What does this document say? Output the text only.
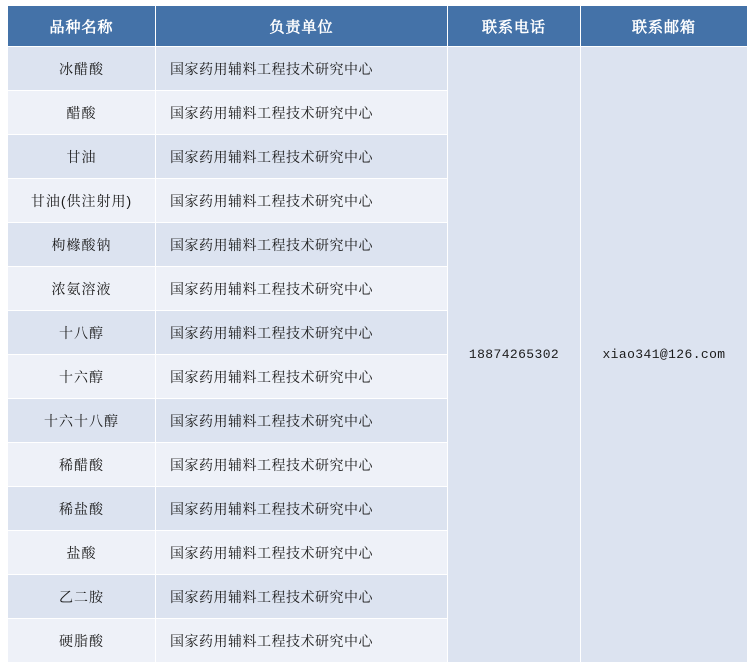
品种名称	负责单位	联系电话	联系邮箱
冰醋酸	国家药用辅料工程技术研究中心	18874265302	xiao341@126.com
醋酸	国家药用辅料工程技术研究中心		
甘油	国家药用辅料工程技术研究中心		
甘油(供注射用)	国家药用辅料工程技术研究中心		
枸橼酸钠	国家药用辅料工程技术研究中心		
浓氨溶液	国家药用辅料工程技术研究中心		
十八醇	国家药用辅料工程技术研究中心		
十六醇	国家药用辅料工程技术研究中心		
十六十八醇	国家药用辅料工程技术研究中心		
稀醋酸	国家药用辅料工程技术研究中心		
稀盐酸	国家药用辅料工程技术研究中心		
盐酸	国家药用辅料工程技术研究中心		
乙二胺	国家药用辅料工程技术研究中心		
硬脂酸	国家药用辅料工程技术研究中心		
